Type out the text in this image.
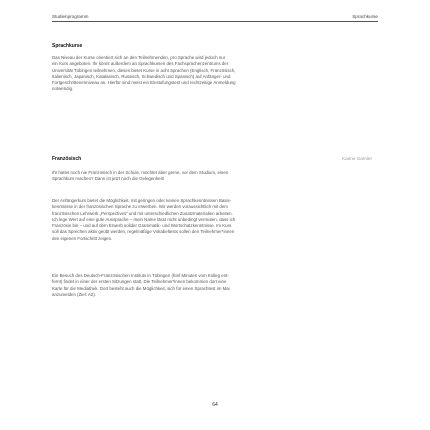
Studienprogramm	Sprachkurse
Sprachkurse
Das Niveau der Kurse orientiert sich an den Teilnehmenden, pro Sprache wird jedoch nur
ein Kurs angeboten. Ihr könnt außerdem an Sprachkursen des Fachsprachenzentrums der
Universität Tübingen teilnehmen, dieses bietet Kurse in acht Sprachen (Englisch, Französisch,
Italienisch, Japanisch, Katalanisch, Russisch, Schwedisch und Spanisch) auf Anfänger- und
Fortgeschrittenenniveau an. Hierfür sind meist ein Einstufungstest und rechtzeitige Anmeldung
notwendig.
Französisch	Karine Garnier
Ihr hattet noch nie Französisch in der Schule, möchtet aber gerne, vor dem Studium, einen
Sprachkurs machen? Dann ist jetzt noch die Gelegenheit!
Der Anfängerkurs bietet die Möglichkeit, mit geringen oder keinen Sprachkenntnissen Basis-
kenntnisse in der französischen Sprache zu erwerben. Wir werden voraussichtlich mit dem
französischen Lehrwerk „Perspectives“ und mit unterschiedlichen Zusatzmaterialien arbeiten.
Ich lege Wert auf eine gute Aussprache – mein Name lässt nicht unbedingt vermuten, dass ich
Französin bin – und auf dem Erwerb solider Grammatik- und Wortschatzkenntnisse. Im Kurs
soll das Sprechen aktiv geübt werden, regelmäßige Vokabeltests sollen den Teilnehmer*innen
den eigenen Fortschritt zeigen.
Ein Besuch des Deutsch-Französischen Instituts in Tübingen (fünf Minuten vom Kolleg ent-
fernt) findet in einer der ersten Sitzungen statt. Die Teilnehmer*innen bekommen dort eine
Karte für die Mediathek. Dort besteht auch die Möglichkeit, sich für einen Sprachtest im Mai
anzumelden (Ziel: A2).
64
